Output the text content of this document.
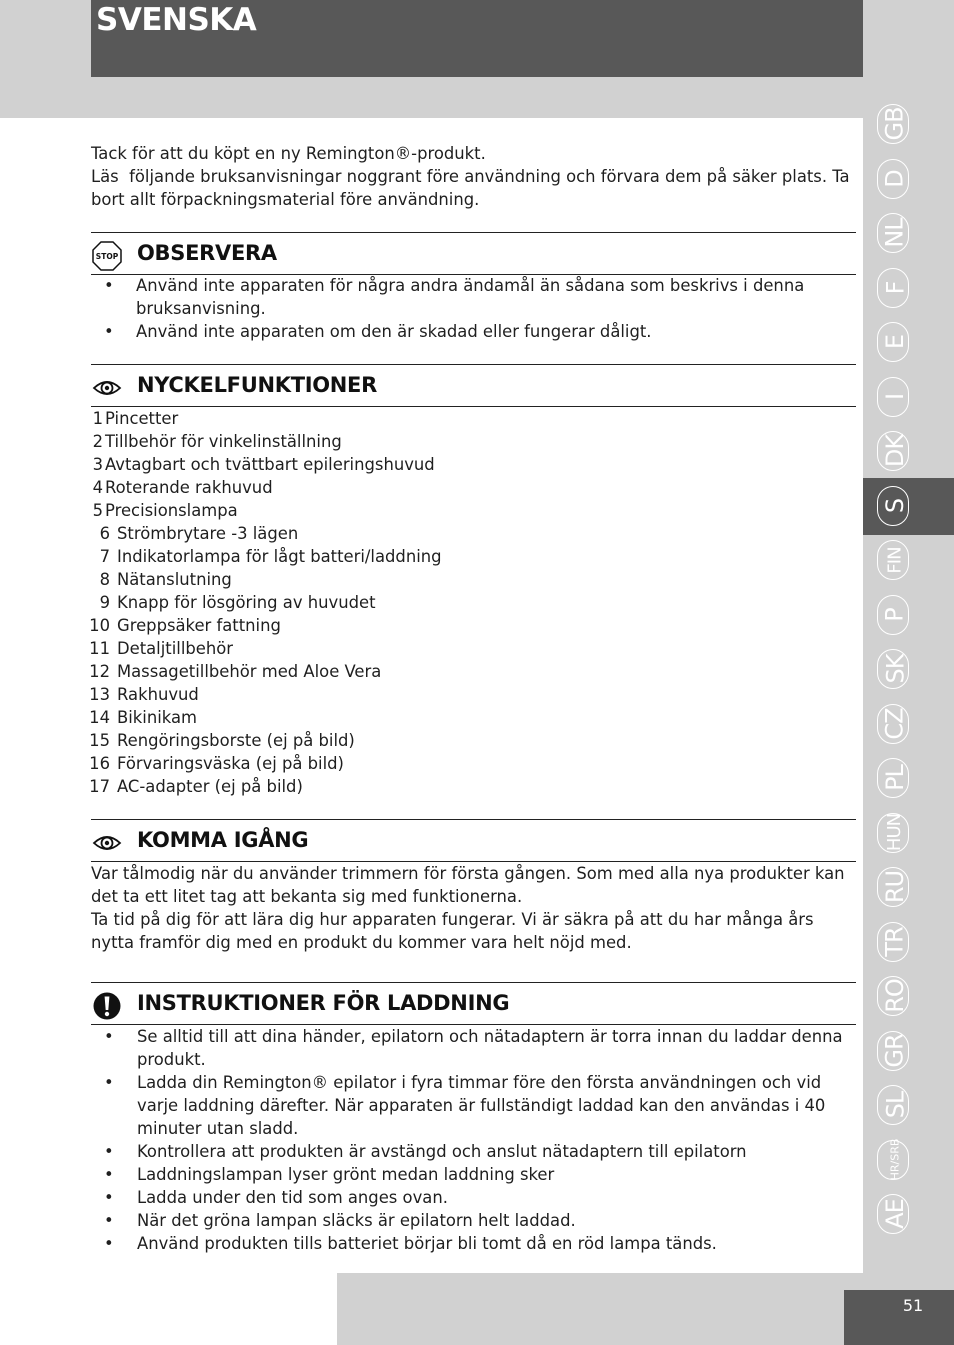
SVENSKA

Tack för att du köpt en ny Remington®-produkt.

Läs  följande bruksanvisningar noggrant före användning och förvara dem på säker plats. Ta

bort allt förpackningsmaterial före användning.

STOP OBSERVERA
• Använd inte apparaten för några andra ändamål än sådana som beskrivs i denna bruksanvisning.
• Använd inte apparaten om den är skadad eller fungerar dåligt.
NYCKELFUNKTIONER
1 Pincetter
2 Tillbehör för vinkelinställning
3 Avtagbart och tvättbart epileringshuvud
4 Roterande rakhuvud
5 Precisionslampa
6 Strömbrytare -3 lägen
7 Indikatorlampa för lågt batteri/laddning
8 Nätanslutning
9 Knapp för lösgöring av huvudet
10 Greppsäker fattning
11 Detaljtillbehör
12 Massagetillbehör med Aloe Vera
13 Rakhuvud
14 Bikinikam
15 Rengöringsborste (ej på bild)
16 Förvaringsväska (ej på bild)
17 AC-adapter (ej på bild)
KOMMA IGÅNG

Var tålmodig när du använder trimmern för första gången. Som med alla nya produkter kan det ta ett litet tag att bekanta sig med funktionerna.

Ta tid på dig för att lära dig hur apparaten fungerar. Vi är säkra på att du har många års nytta framför dig med en produkt du kommer vara helt nöjd med.

INSTRUKTIONER FÖR LADDNING
• Se alltid till att dina händer, epilatorn och nätadaptern är torra innan du laddar denna produkt.
• Ladda din Remington® epilator i fyra timmar före den första användningen och vid varje laddning därefter. När apparaten är fullständigt laddad kan den användas i 40 minuter utan sladd.
• Kontrollera att produkten är avstängd och anslut nätadaptern till epilatorn
• Laddningslampan lyser grönt medan laddning sker
• Ladda under den tid som anges ovan.
• När det gröna lampan släcks är epilatorn helt laddad.
• Använd produkten tills batteriet börjar bli tomt då en röd lampa tänds.
GB
D
NL
F
E
I
DK
S
FIN
P
SK
CZ
PL
HUN
RU
TR
RO
GR
SL
HR/SRB
AE
51
